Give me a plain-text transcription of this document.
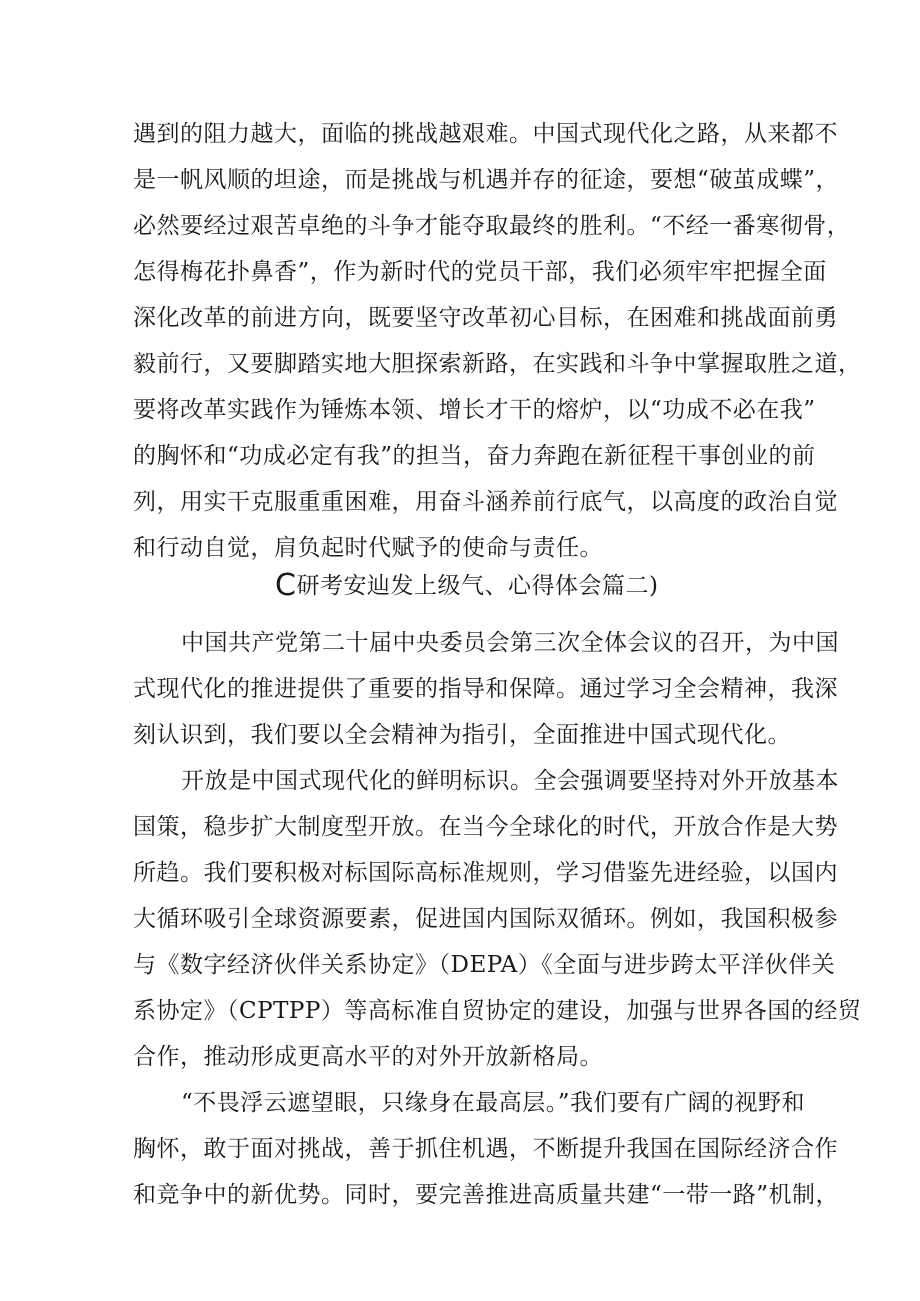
遇到的阻力越大，面临的挑战越艰难。中国式现代化之路，从来都不
是一帆风顺的坦途，而是挑战与机遇并存的征途，要想“破茧成蝶”，
必然要经过艰苦卓绝的斗争才能夺取最终的胜利。“不经一番寒彻骨，
怎得梅花扑鼻香”，作为新时代的党员干部，我们必须牢牢把握全面
深化改革的前进方向，既要坚守改革初心目标，在困难和挑战面前勇
毅前行，又要脚踏实地大胆探索新路，在实践和斗争中掌握取胜之道，
要将改革实践作为锤炼本领、增长才干的熔炉，以“功成不必在我”
的胸怀和“功成必定有我”的担当，奋力奔跑在新征程干事创业的前
列，用实干克服重重困难，用奋斗涵养前行底气，以高度的政治自觉
和行动自觉，肩负起时代赋予的使命与责任。
C研考安辿发上级气、心得体会篇二)
中国共产党第二十届中央委员会第三次全体会议的召开，为中国
式现代化的推进提供了重要的指导和保障。通过学习全会精神，我深
刻认识到，我们要以全会精神为指引，全面推进中国式现代化。
开放是中国式现代化的鲜明标识。全会强调要坚持对外开放基本
国策，稳步扩大制度型开放。在当今全球化的时代，开放合作是大势
所趋。我们要积极对标国际高标准规则，学习借鉴先进经验，以国内
大循环吸引全球资源要素，促进国内国际双循环。例如，我国积极参
与《数字经济伙伴关系协定》（DEPA）《全面与进步跨太平洋伙伴关
系协定》（CPTPP）等高标准自贸协定的建设，加强与世界各国的经贸
合作，推动形成更高水平的对外开放新格局。
“不畏浮云遮望眼，只缘身在最高层。”我们要有广阔的视野和
胸怀，敢于面对挑战，善于抓住机遇，不断提升我国在国际经济合作
和竞争中的新优势。同时，要完善推进高质量共建“一带一路”机制，
